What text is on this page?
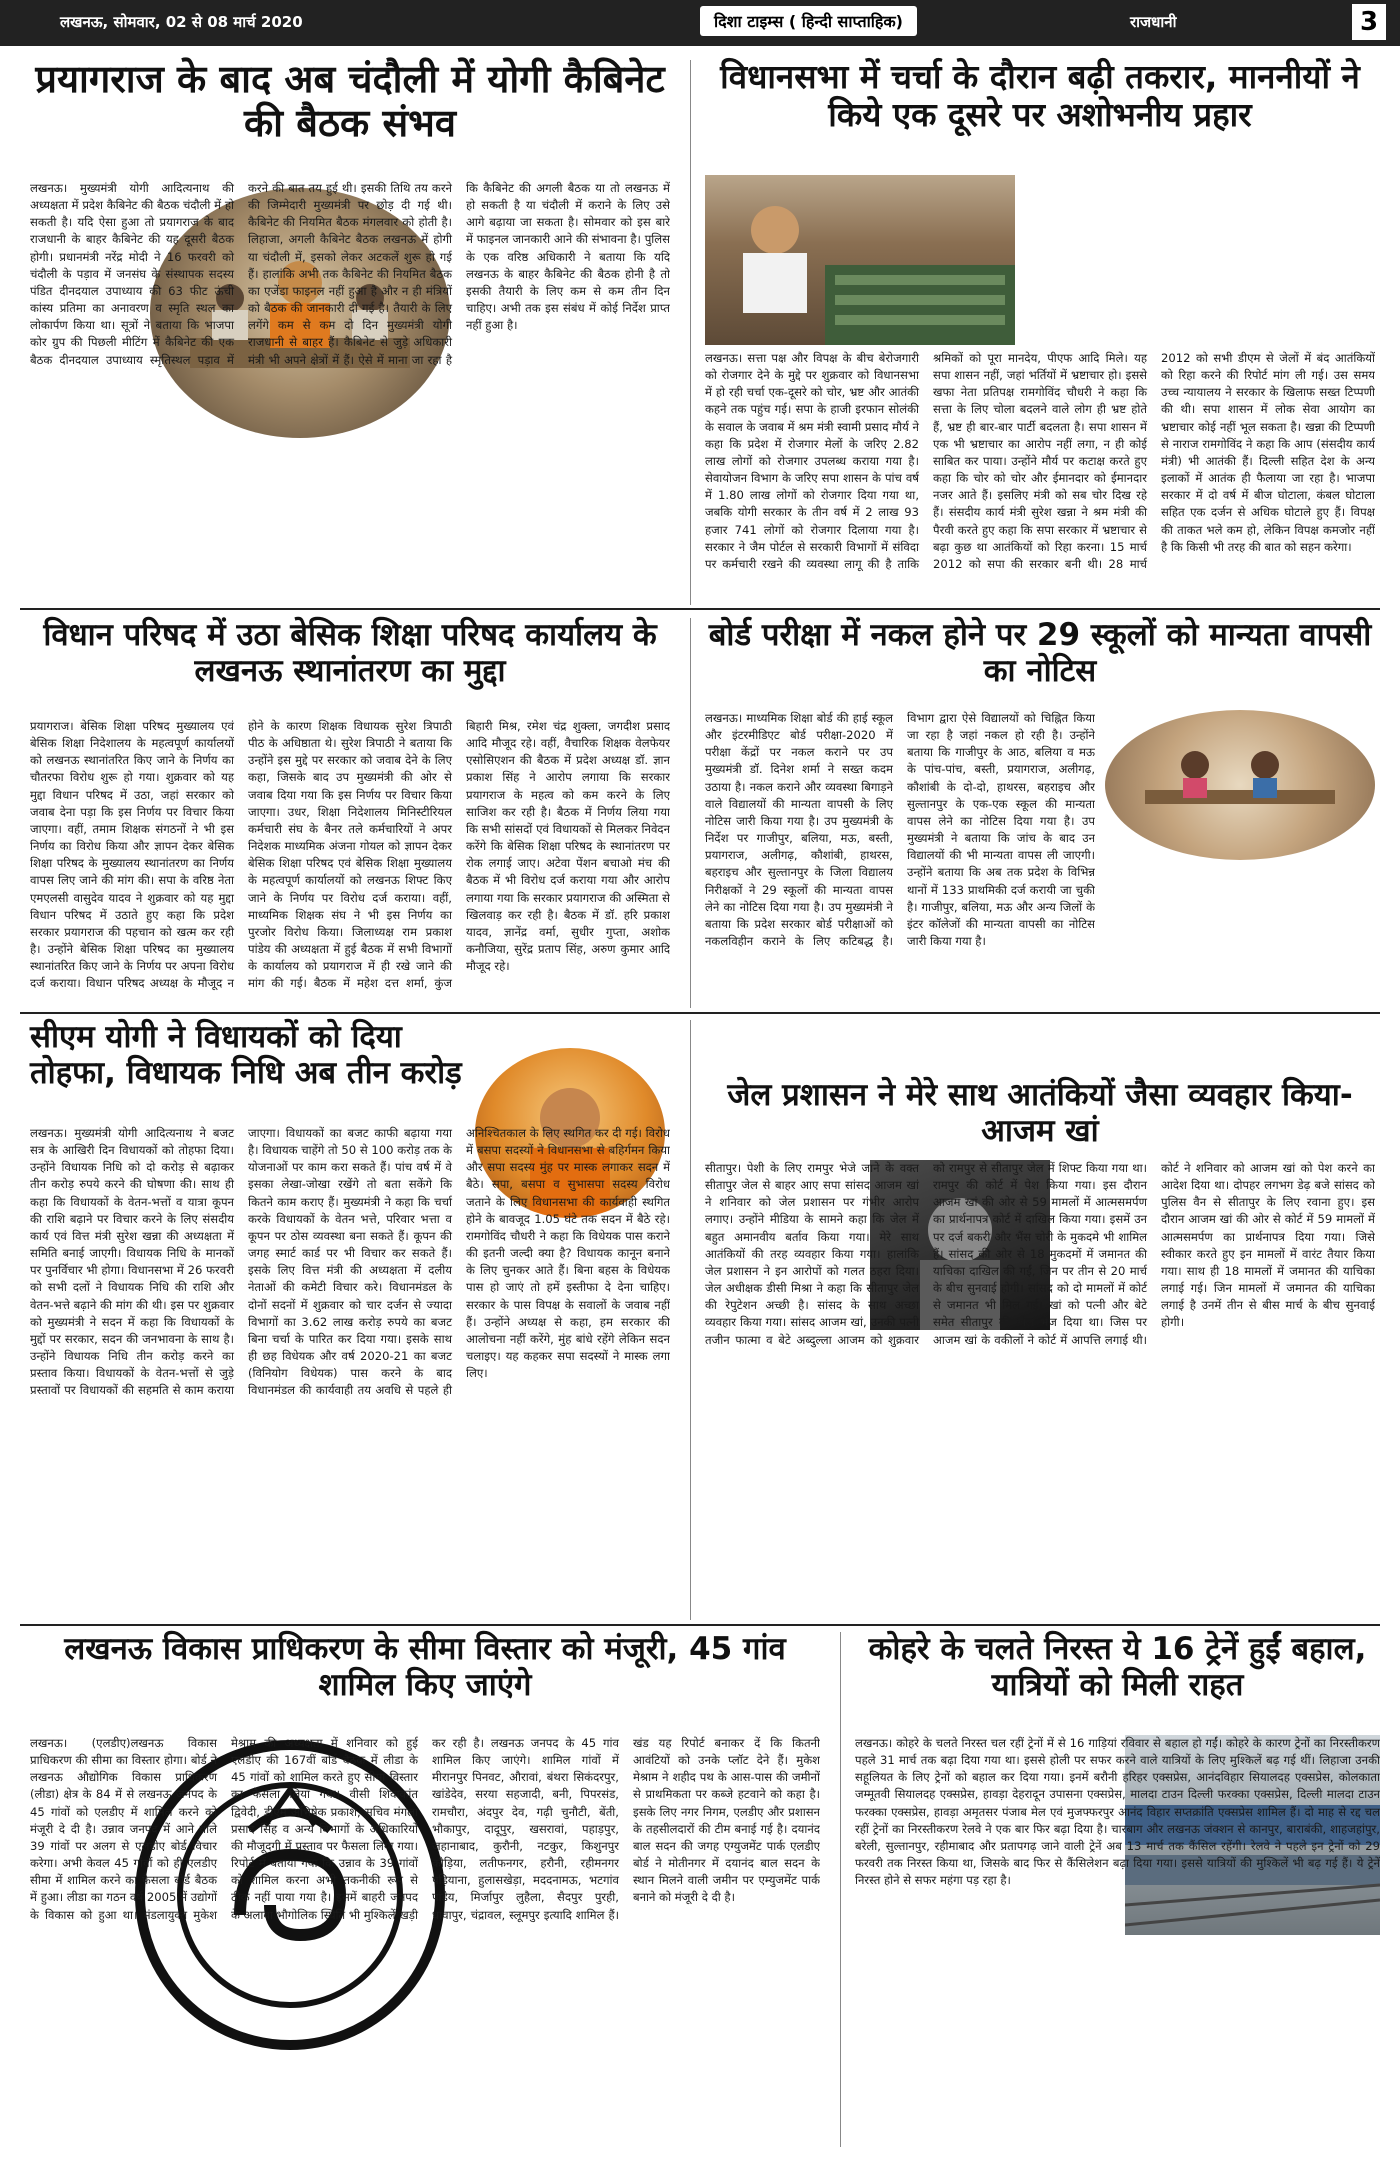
लखनऊ, सोमवार, 02 से 08 मार्च 2020	दिशा टाइम्स ( हिन्दी साप्ताहिक)	राजधानी	3
प्रयागराज के बाद अब चंदौली में योगी कैबिनेट की बैठक संभव
लखनऊ। मुख्यमंत्री योगी आदित्यनाथ की अध्यक्षता में प्रदेश कैबिनेट की बैठक चंदौली में हो सकती है। यदि ऐसा हुआ तो प्रयागराज के बाद राजधानी के बाहर कैबिनेट की यह दूसरी बैठक होगी। प्रधानमंत्री नरेंद्र मोदी ने 16 फरवरी को चंदौली के पड़ाव में जनसंघ के संस्थापक सदस्य पंडित दीनदयाल उपाध्याय की 63 फीट ऊंची कांस्य प्रतिमा का अनावरण व स्मृति स्थल का लोकार्पण किया था। सूत्रों ने बताया कि भाजपा कोर ग्रुप की पिछली मीटिंग में कैबिनेट की एक बैठक दीनदयाल उपाध्याय स्मृतिस्थल पड़ाव में करने की बात तय हुई थी। इसकी तिथि तय करने की जिम्मेदारी मुख्यमंत्री पर छोड़ दी गई थी। कैबिनेट की नियमित बैठक मंगलवार को होती है। लिहाजा, अगली कैबिनेट बैठक लखनऊ में होगी या चंदौली में, इसको लेकर अटकलें शुरू हो गई हैं। हालांकि अभी तक कैबिनेट की नियमित बैठक का एजेंडा फाइनल नहीं हुआ है और न ही मंत्रियों को बैठक की जानकारी दी गई है। तैयारी के लिए लगेंगे कम से कम दो दिन मुख्यमंत्री योगी राजधानी से बाहर हैं। कैबिनेट से जुड़े अधिकारी मंत्री भी अपने क्षेत्रों में हैं। ऐसे में माना जा रहा है कि कैबिनेट की अगली बैठक या तो लखनऊ में हो सकती है या चंदौली में कराने के लिए उसे आगे बढ़ाया जा सकता है। सोमवार को इस बारे में फाइनल जानकारी आने की संभावना है। पुलिस के एक वरिष्ठ अधिकारी ने बताया कि यदि लखनऊ के बाहर कैबिनेट की बैठक होनी है तो इसकी तैयारी के लिए कम से कम तीन दिन चाहिए। अभी तक इस संबंध में कोई निर्देश प्राप्त नहीं हुआ है।
विधानसभा में चर्चा के दौरान बढ़ी तकरार, माननीयों ने किये एक दूसरे पर अशोभनीय प्रहार
लखनऊ। सत्ता पक्ष और विपक्ष के बीच बेरोजगारी को रोजगार देने के मुद्दे पर शुक्रवार को विधानसभा में हो रही चर्चा एक-दूसरे को चोर, भ्रष्ट और आतंकी कहने तक पहुंच गई। सपा के हाजी इरफान सोलंकी के सवाल के जवाब में श्रम मंत्री स्वामी प्रसाद मौर्य ने कहा कि प्रदेश में रोजगार मेलों के जरिए 2.82 लाख लोगों को रोजगार उपलब्ध कराया गया है। सेवायोजन विभाग के जरिए सपा शासन के पांच वर्ष में 1.80 लाख लोगों को रोजगार दिया गया था, जबकि योगी सरकार के तीन वर्ष में 2 लाख 93 हजार 741 लोगों को रोजगार दिलाया गया है। सरकार ने जैम पोर्टल से सरकारी विभागों में संविदा पर कर्मचारी रखने की व्यवस्था लागू की है ताकि श्रमिकों को पूरा मानदेय, पीएफ आदि मिले। यह सपा शासन नहीं, जहां भर्तियों में भ्रष्टाचार हो। इससे खफा नेता प्रतिपक्ष रामगोविंद चौधरी ने कहा कि सत्ता के लिए चोला बदलने वाले लोग ही भ्रष्ट होते हैं, भ्रष्ट ही बार-बार पार्टी बदलता है। सपा शासन में एक भी भ्रष्टाचार का आरोप नहीं लगा, न ही कोई साबित कर पाया। उन्होंने मौर्य पर कटाक्ष करते हुए कहा कि चोर को चोर और ईमानदार को ईमानदार नजर आते हैं। इसलिए मंत्री को सब चोर दिख रहे हैं। संसदीय कार्य मंत्री सुरेश खन्ना ने श्रम मंत्री की पैरवी करते हुए कहा कि सपा सरकार में भ्रष्टाचार से बढ़ा कुछ था आतंकियों को रिहा करना। 15 मार्च 2012 को सपा की सरकार बनी थी। 28 मार्च 2012 को सभी डीएम से जेलों में बंद आतंकियों को रिहा करने की रिपोर्ट मांग ली गई। उस समय उच्च न्यायालय ने सरकार के खिलाफ सख्त टिप्पणी की थी। सपा शासन में लोक सेवा आयोग का भ्रष्टाचार कोई नहीं भूल सकता है। खन्ना की टिप्पणी से नाराज रामगोविंद ने कहा कि आप (संसदीय कार्य मंत्री) भी आतंकी हैं। दिल्ली सहित देश के अन्य इलाकों में आतंक ही फैलाया जा रहा है। भाजपा सरकार में दो वर्ष में बीज घोटाला, कंबल घोटाला सहित एक दर्जन से अधिक घोटाले हुए हैं। विपक्ष की ताकत भले कम हो, लेकिन विपक्ष कमजोर नहीं है कि किसी भी तरह की बात को सहन करेगा।
विधान परिषद में उठा बेसिक शिक्षा परिषद कार्यालय के लखनऊ स्थानांतरण का मुद्दा
प्रयागराज। बेसिक शिक्षा परिषद मुख्यालय एवं बेसिक शिक्षा निदेशालय के महत्वपूर्ण कार्यालयों को लखनऊ स्थानांतरित किए जाने के निर्णय का चौतरफा विरोध शुरू हो गया। शुक्रवार को यह मुद्दा विधान परिषद में उठा, जहां सरकार को जवाब देना पड़ा कि इस निर्णय पर विचार किया जाएगा। वहीं, तमाम शिक्षक संगठनों ने भी इस निर्णय का विरोध किया और ज्ञापन देकर बेसिक शिक्षा परिषद के मुख्यालय स्थानांतरण का निर्णय वापस लिए जाने की मांग की। सपा के वरिष्ठ नेता एमएलसी वासुदेव यादव ने शुक्रवार को यह मुद्दा विधान परिषद में उठाते हुए कहा कि प्रदेश सरकार प्रयागराज की पहचान को खत्म कर रही है। उन्होंने बेसिक शिक्षा परिषद का मुख्यालय स्थानांतरित किए जाने के निर्णय पर अपना विरोध दर्ज कराया। विधान परिषद अध्यक्ष के मौजूद न होने के कारण शिक्षक विधायक सुरेश त्रिपाठी पीठ के अधिष्ठाता थे। सुरेश त्रिपाठी ने बताया कि उन्होंने इस मुद्दे पर सरकार को जवाब देने के लिए कहा, जिसके बाद उप मुख्यमंत्री की ओर से जवाब दिया गया कि इस निर्णय पर विचार किया जाएगा। उधर, शिक्षा निदेशालय मिनिस्टीरियल कर्मचारी संघ के बैनर तले कर्मचारियों ने अपर निदेशक माध्यमिक अंजना गोयल को ज्ञापन देकर बेसिक शिक्षा परिषद एवं बेसिक शिक्षा मुख्यालय के महत्वपूर्ण कार्यालयों को लखनऊ शिफ्ट किए जाने के निर्णय पर विरोध दर्ज कराया। वहीं, माध्यमिक शिक्षक संघ ने भी इस निर्णय का पुरजोर विरोध किया। जिलाध्यक्ष राम प्रकाश पांडेय की अध्यक्षता में हुई बैठक में सभी विभागों के कार्यालय को प्रयागराज में ही रखे जाने की मांग की गई। बैठक में महेश दत्त शर्मा, कुंज बिहारी मिश्र, रमेश चंद्र शुक्ला, जगदीश प्रसाद आदि मौजूद रहे। वहीं, वैचारिक शिक्षक वेलफेयर एसोसिएशन की बैठक में प्रदेश अध्यक्ष डॉ. ज्ञान प्रकाश सिंह ने आरोप लगाया कि सरकार प्रयागराज के महत्व को कम करने के लिए साजिश कर रही है। बैठक में निर्णय लिया गया कि सभी सांसदों एवं विधायकों से मिलकर निवेदन करेंगे कि बेसिक शिक्षा परिषद के स्थानांतरण पर रोक लगाई जाए। अटेवा पेंशन बचाओ मंच की बैठक में भी विरोध दर्ज कराया गया और आरोप लगाया गया कि सरकार प्रयागराज की अस्मिता से खिलवाड़ कर रही है। बैठक में डॉ. हरि प्रकाश यादव, ज्ञानेंद्र वर्मा, सुधीर गुप्ता, अशोक कनौजिया, सुरेंद्र प्रताप सिंह, अरुण कुमार आदि मौजूद रहे।
बोर्ड परीक्षा में नकल होने पर 29 स्कूलों को मान्यता वापसी का नोटिस
लखनऊ। माध्यमिक शिक्षा बोर्ड की हाई स्कूल और इंटरमीडिएट बोर्ड परीक्षा-2020 में परीक्षा केंद्रों पर नकल कराने पर उप मुख्यमंत्री डॉ. दिनेश शर्मा ने सख्त कदम उठाया है। नकल कराने और व्यवस्था बिगाड़ने वाले विद्यालयों की मान्यता वापसी के लिए नोटिस जारी किया गया है। उप मुख्यमंत्री के निर्देश पर गाजीपुर, बलिया, मऊ, बस्ती, प्रयागराज, अलीगढ़, कौशांबी, हाथरस, बहराइच और सुल्तानपुर के जिला विद्यालय निरीक्षकों ने 29 स्कूलों की मान्यता वापस लेने का नोटिस दिया गया है। उप मुख्यमंत्री ने बताया कि प्रदेश सरकार बोर्ड परीक्षाओं को नकलविहीन कराने के लिए कटिबद्ध है। विभाग द्वारा ऐसे विद्यालयों को चिह्नित किया जा रहा है जहां नकल हो रही है। उन्होंने बताया कि गाजीपुर के आठ, बलिया व मऊ के पांच-पांच, बस्ती, प्रयागराज, अलीगढ़, कौशांबी के दो-दो, हाथरस, बहराइच और सुल्तानपुर के एक-एक स्कूल की मान्यता वापस लेने का नोटिस दिया गया है। उप मुख्यमंत्री ने बताया कि जांच के बाद उन विद्यालयों की भी मान्यता वापस ली जाएगी। उन्होंने बताया कि अब तक प्रदेश के विभिन्न थानों में 133 प्राथमिकी दर्ज करायी जा चुकी है। गाजीपुर, बलिया, मऊ और अन्य जिलों के इंटर कॉलेजों की मान्यता वापसी का नोटिस जारी किया गया है।
सीएम योगी ने विधायकों को दिया तोहफा, विधायक निधि अब तीन करोड़
लखनऊ। मुख्यमंत्री योगी आदित्यनाथ ने बजट सत्र के आखिरी दिन विधायकों को तोहफा दिया। उन्होंने विधायक निधि को दो करोड़ से बढ़ाकर तीन करोड़ रुपये करने की घोषणा की। साथ ही कहा कि विधायकों के वेतन-भत्तों व यात्रा कूपन की राशि बढ़ाने पर विचार करने के लिए संसदीय कार्य एवं वित्त मंत्री सुरेश खन्ना की अध्यक्षता में समिति बनाई जाएगी। विधायक निधि के मानकों पर पुनर्विचार भी होगा। विधानसभा में 26 फरवरी को सभी दलों ने विधायक निधि की राशि और वेतन-भत्ते बढ़ाने की मांग की थी। इस पर शुक्रवार को मुख्यमंत्री ने सदन में कहा कि विधायकों के मुद्दों पर सरकार, सदन की जनभावना के साथ है। उन्होंने विधायक निधि तीन करोड़ करने का प्रस्ताव किया। विधायकों के वेतन-भत्तों से जुड़े प्रस्तावों पर विधायकों की सहमति से काम कराया जाएगा। विधायकों का बजट काफी बढ़ाया गया है। विधायक चाहेंगे तो 50 से 100 करोड़ तक के योजनाओं पर काम करा सकते हैं। पांच वर्ष में वे इसका लेखा-जोखा रखेंगे तो बता सकेंगे कि कितने काम कराए हैं। मुख्यमंत्री ने कहा कि चर्चा करके विधायकों के वेतन भत्ते, परिवार भत्ता व कूपन पर ठोस व्यवस्था बना सकते हैं। कूपन की जगह स्मार्ट कार्ड पर भी विचार कर सकते हैं। इसके लिए वित्त मंत्री की अध्यक्षता में दलीय नेताओं की कमेटी विचार करे। विधानमंडल के दोनों सदनों में शुक्रवार को चार दर्जन से ज्यादा विभागों का 3.62 लाख करोड़ रुपये का बजट बिना चर्चा के पारित कर दिया गया। इसके साथ ही छह विधेयक और वर्ष 2020-21 का बजट (विनियोग विधेयक) पास करने के बाद विधानमंडल की कार्यवाही तय अवधि से पहले ही अनिश्चितकाल के लिए स्थगित कर दी गई। विरोध में बसपा सदस्यों ने विधानसभा से बहिर्गमन किया और सपा सदस्य मुंह पर मास्क लगाकर सदन में बैठे। सपा, बसपा व सुभासपा सदस्य विरोध जताने के लिए विधानसभा की कार्यवाही स्थगित होने के बावजूद 1.05 घंटे तक सदन में बैठे रहे। रामगोविंद चौधरी ने कहा कि विधेयक पास कराने की इतनी जल्दी क्या है? विधायक कानून बनाने के लिए चुनकर आते हैं। बिना बहस के विधेयक पास हो जाएं तो हमें इस्तीफा दे देना चाहिए। सरकार के पास विपक्ष के सवालों के जवाब नहीं हैं। उन्होंने अध्यक्ष से कहा, हम सरकार की आलोचना नहीं करेंगे, मुंह बांधे रहेंगे लेकिन सदन चलाइए। यह कहकर सपा सदस्यों ने मास्क लगा लिए।
जेल प्रशासन ने मेरे साथ आतंकियों जैसा व्यवहार किया-आजम खां
सीतापुर। पेशी के लिए रामपुर भेजे जाने के वक्त सीतापुर जेल से बाहर आए सपा सांसद आजम खां ने शनिवार को जेल प्रशासन पर गंभीर आरोप लगाए। उन्होंने मीडिया के सामने कहा कि जेल में बहुत अमानवीय बर्ताव किया गया। मेरे साथ आतंकियों की तरह व्यवहार किया गया। हालांकि जेल प्रशासन ने इन आरोपों को गलत ठहरा दिया। जेल अधीक्षक डीसी मिश्रा ने कहा कि सीतापुर जेल की रेपुटेशन अच्छी है। सांसद के साथ अच्छा व्यवहार किया गया। सांसद आजम खां, उनकी पत्नी तजीन फात्मा व बेटे अब्दुल्ला आजम को शुक्रवार को रामपुर से सीतापुर जेल में शिफ्ट किया गया था। रामपुर की कोर्ट में पेश किया गया। इस दौरान आजम खां की ओर से 59 मामलों में आत्मसमर्पण का प्रार्थनापत्र कोर्ट में दाखिल किया गया। इसमें उन पर दर्ज बकरी और भैंस चोरी के मुकदमे भी शामिल हैं। सांसद की ओर से 18 मुकदमों में जमानत की याचिका दाखिल की गईं, जिन पर तीन से 20 मार्च के बीच सुनवाई होगी। सांसद को दो मामलों में कोर्ट से जमानत भी मिल गई। खां को पत्नी और बेटे समेत सीतापुर की जेल भेज दिया था। जिस पर आजम खां के वकीलों ने कोर्ट में आपत्ति लगाई थी। कोर्ट ने शनिवार को आजम खां को पेश करने का आदेश दिया था। दोपहर लगभग डेढ़ बजे सांसद को पुलिस वैन से सीतापुर के लिए रवाना हुए। इस दौरान आजम खां की ओर से कोर्ट में 59 मामलों में आत्मसमर्पण का प्रार्थनापत्र दिया गया। जिसे स्वीकार करते हुए इन मामलों में वारंट तैयार किया गया। साथ ही 18 मामलों में जमानत की याचिका लगाई गई। जिन मामलों में जमानत की याचिका लगाई है उनमें तीन से बीस मार्च के बीच सुनवाई होगी।
लखनऊ विकास प्राधिकरण के सीमा विस्तार को मंजूरी, 45 गांव शामिल किए जाएंगे
लखनऊ। (एलडीए)लखनऊ विकास प्राधिकरण की सीमा का विस्तार होगा। बोर्ड ने लखनऊ औद्योगिक विकास प्राधिकरण (लीडा) क्षेत्र के 84 में से लखनऊ जनपद के 45 गांवों को एलडीए में शामिल करने को मंजूरी दे दी है। उन्नाव जनपद में आने वाले 39 गांवों पर अलग से एलडीए बोर्ड विचार करेगा। अभी केवल 45 गांवों को ही एलडीए सीमा में शामिल करने का फैसला बोर्ड बैठक में हुआ। लीडा का गठन वर्ष 2005 में उद्योगों के विकास को हुआ था। मंडलायुक्त मुकेश मेश्राम की अध्यक्षता में शनिवार को हुई एलडीए की 167वीं बोर्ड बैठक में लीडा के 45 गांवों को शामिल करते हुए सीमा विस्तार का फैसला लिया गया। वीसी शिवाकांत द्विवेदी, डीएम अभिषेक प्रकाश, सचिव मंगला प्रसाद सिंह व अन्य विभागों के अधिकारियों की मौजूदगी में प्रस्ताव पर फैसला लिया गया। रिपोर्ट में बताया गया कि उन्नाव के 39 गांवों को शामिल करना अभी तकनीकी रूप से ठीक नहीं पाया गया है। इसमें बाहरी जनपद के अलावा भौगोलिक स्थिति भी मुश्किलें खड़ी कर रही है। लखनऊ जनपद के 45 गांव शामिल किए जाएंगे। शामिल गांवों में मीरानपुर पिनवट, औरावां, बंथरा सिकंदरपुर, खांडेदेव, सरया सहजादी, बनी, पिपरसंड, रामचौरा, अंदपुर देव, गढ़ी चुनौटी, बेंती, भौकापुर, दादूपुर, खसरावां, पहाड़पुर, जहानाबाद, कुरौनी, नटकुर, किशुनपुर कौड़िया, लतीफनगर, हरौनी, रहीमनगर पड़ियाना, हुलासखेड़ा, मददनामऊ, भटगांव पांडेय, मिर्जापुर लुहैला, सैदपुर पुरही, धावापुर, चंद्रावल, स्लूमपुर इत्यादि शामिल हैं। खंड यह रिपोर्ट बनाकर दें कि कितनी आवंटियों को उनके प्लॉट देने हैं। मुकेश मेश्राम ने शहीद पथ के आस-पास की जमीनों से प्राथमिकता पर कब्जे हटवाने को कहा है। इसके लिए नगर निगम, एलडीए और प्रशासन के तहसीलदारों की टीम बनाई गई है। दयानंद बाल सदन की जगह एग्युजमेंट पार्क एलडीए बोर्ड ने मोतीनगर में दयानंद बाल सदन के स्थान मिलने वाली जमीन पर एम्युजमेंट पार्क बनाने को मंजूरी दे दी है।
कोहरे के चलते निरस्त ये 16 ट्रेनें हुईं बहाल, यात्रियों को मिली राहत
लखनऊ। कोहरे के चलते निरस्त चल रहीं ट्रेनों में से 16 गाड़ियां रविवार से बहाल हो गईं। कोहरे के कारण ट्रेनों का निरस्तीकरण पहले 31 मार्च तक बढ़ा दिया गया था। इससे होली पर सफर करने वाले यात्रियों के लिए मुश्किलें बढ़ गई थीं। लिहाजा उनकी सहूलियत के लिए ट्रेनों को बहाल कर दिया गया। इनमें बरौनी हरिहर एक्सप्रेस, आनंदविहार सियालदह एक्सप्रेस, कोलकाता जम्मूतवी सियालदह एक्सप्रेस, हावड़ा देहरादून उपासना एक्सप्रेस, मालदा टाउन दिल्ली फरक्का एक्सप्रेस, दिल्ली मालदा टाउन फरक्का एक्सप्रेस, हावड़ा अमृतसर पंजाब मेल एवं मुजफ्फरपुर आनंद विहार सप्तक्रांति एक्सप्रेस शामिल हैं। दो माह से रद्द चल रहीं ट्रेनों का निरस्तीकरण रेलवे ने एक बार फिर बढ़ा दिया है। चारबाग और लखनऊ जंक्शन से कानपुर, बाराबंकी, शाहजहांपुर, बरेली, सुल्तानपुर, रहीमाबाद और प्रतापगढ़ जाने वाली ट्रेनें अब 13 मार्च तक कैंसिल रहेंगी। रेलवे ने पहले इन ट्रेनों को 29 फरवरी तक निरस्त किया था, जिसके बाद फिर से कैंसिलेशन बढ़ा दिया गया। इससे यात्रियों की मुश्किलें भी बढ़ गई हैं। ये ट्रेनें निरस्त होने से सफर महंगा पड़ रहा है।
